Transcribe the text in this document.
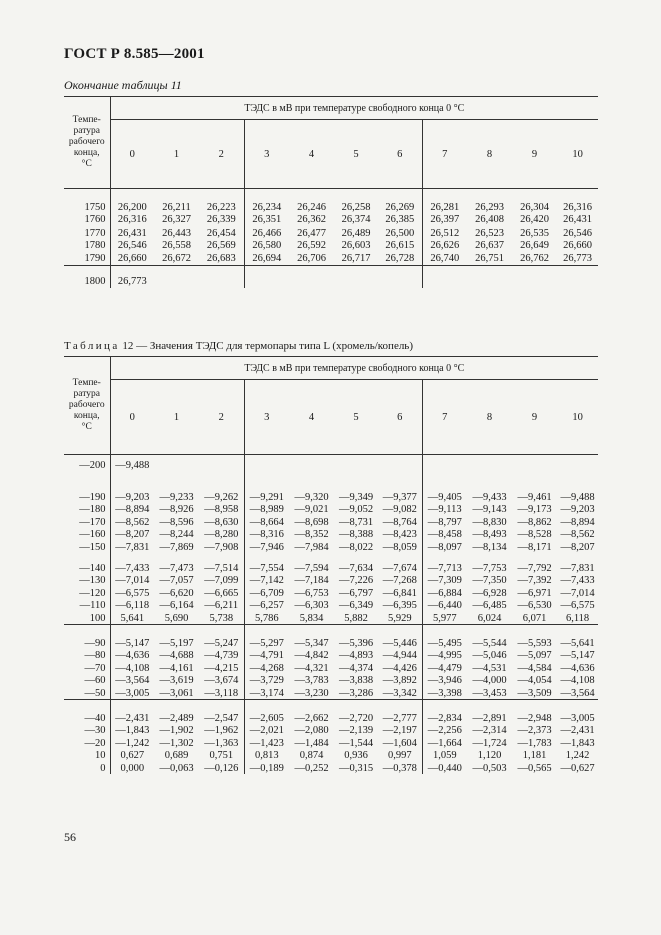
ГОСТ Р 8.585—2001
Окончание таблицы 11
Темпе-
ратура
рабочего
конца,
°С	ТЭДС в мВ при температуре свободного конца 0 °С										
	0	1	2	3	4	5	6	7	8	9	10

1750	26,200	26,211	26,223	26,234	26,246	26,258	26,269	26,281	26,293	26,304	26,316
1760	26,316	26,327	26,339	26,351	26,362	26,374	26,385	26,397	26,408	26,420	26,431

1770	26,431	26,443	26,454	26,466	26,477	26,489	26,500	26,512	26,523	26,535	26,546
1780	26,546	26,558	26,569	26,580	26,592	26,603	26,615	26,626	26,637	26,649	26,660
1790	26,660	26,672	26,683	26,694	26,706	26,717	26,728	26,740	26,751	26,762	26,773

1800	26,773										
Таблица 12 — Значения ТЭДС для термопары типа L (хромель/копель)
Темпе-
ратура
рабочего
конца,
°С	ТЭДС в мВ при температуре свободного конца 0 °С										
	0	1	2	3	4	5	6	7	8	9	10

—200	—9,488										

—190	—9,203	—9,233	—9,262	—9,291	—9,320	—9,349	—9,377	—9,405	—9,433	—9,461	—9,488
—180	—8,894	—8,926	—8,958	—8,989	—9,021	—9,052	—9,082	—9,113	—9,143	—9,173	—9,203
—170	—8,562	—8,596	—8,630	—8,664	—8,698	—8,731	—8,764	—8,797	—8,830	—8,862	—8,894
—160	—8,207	—8,244	—8,280	—8,316	—8,352	—8,388	—8,423	—8,458	—8,493	—8,528	—8,562
—150	—7,831	—7,869	—7,908	—7,946	—7,984	—8,022	—8,059	—8,097	—8,134	—8,171	—8,207

—140	—7,433	—7,473	—7,514	—7,554	—7,594	—7,634	—7,674	—7,713	—7,753	—7,792	—7,831
—130	—7,014	—7,057	—7,099	—7,142	—7,184	—7,226	—7,268	—7,309	—7,350	—7,392	—7,433
—120	—6,575	—6,620	—6,665	—6,709	—6,753	—6,797	—6,841	—6,884	—6,928	—6,971	—7,014
—110	—6,118	—6,164	—6,211	—6,257	—6,303	—6,349	—6,395	—6,440	—6,485	—6,530	—6,575
100	5,641	5,690	5,738	5,786	5,834	5,882	5,929	5,977	6,024	6,071	6,118

—90	—5,147	—5,197	—5,247	—5,297	—5,347	—5,396	—5,446	—5,495	—5,544	—5,593	—5,641
—80	—4,636	—4,688	—4,739	—4,791	—4,842	—4,893	—4,944	—4,995	—5,046	—5,097	—5,147
—70	—4,108	—4,161	—4,215	—4,268	—4,321	—4,374	—4,426	—4,479	—4,531	—4,584	—4,636
—60	—3,564	—3,619	—3,674	—3,729	—3,783	—3,838	—3,892	—3,946	—4,000	—4,054	—4,108
—50	—3,005	—3,061	—3,118	—3,174	—3,230	—3,286	—3,342	—3,398	—3,453	—3,509	—3,564

—40	—2,431	—2,489	—2,547	—2,605	—2,662	—2,720	—2,777	—2,834	—2,891	—2,948	—3,005
—30	—1,843	—1,902	—1,962	—2,021	—2,080	—2,139	—2,197	—2,256	—2,314	—2,373	—2,431
—20	—1,242	—1,302	—1,363	—1,423	—1,484	—1,544	—1,604	—1,664	—1,724	—1,783	—1,843
10	0,627	0,689	0,751	0,813	0,874	0,936	0,997	1,059	1,120	1,181	1,242
0	0,000	—0,063	—0,126	—0,189	—0,252	—0,315	—0,378	—0,440	—0,503	—0,565	—0,627
56
